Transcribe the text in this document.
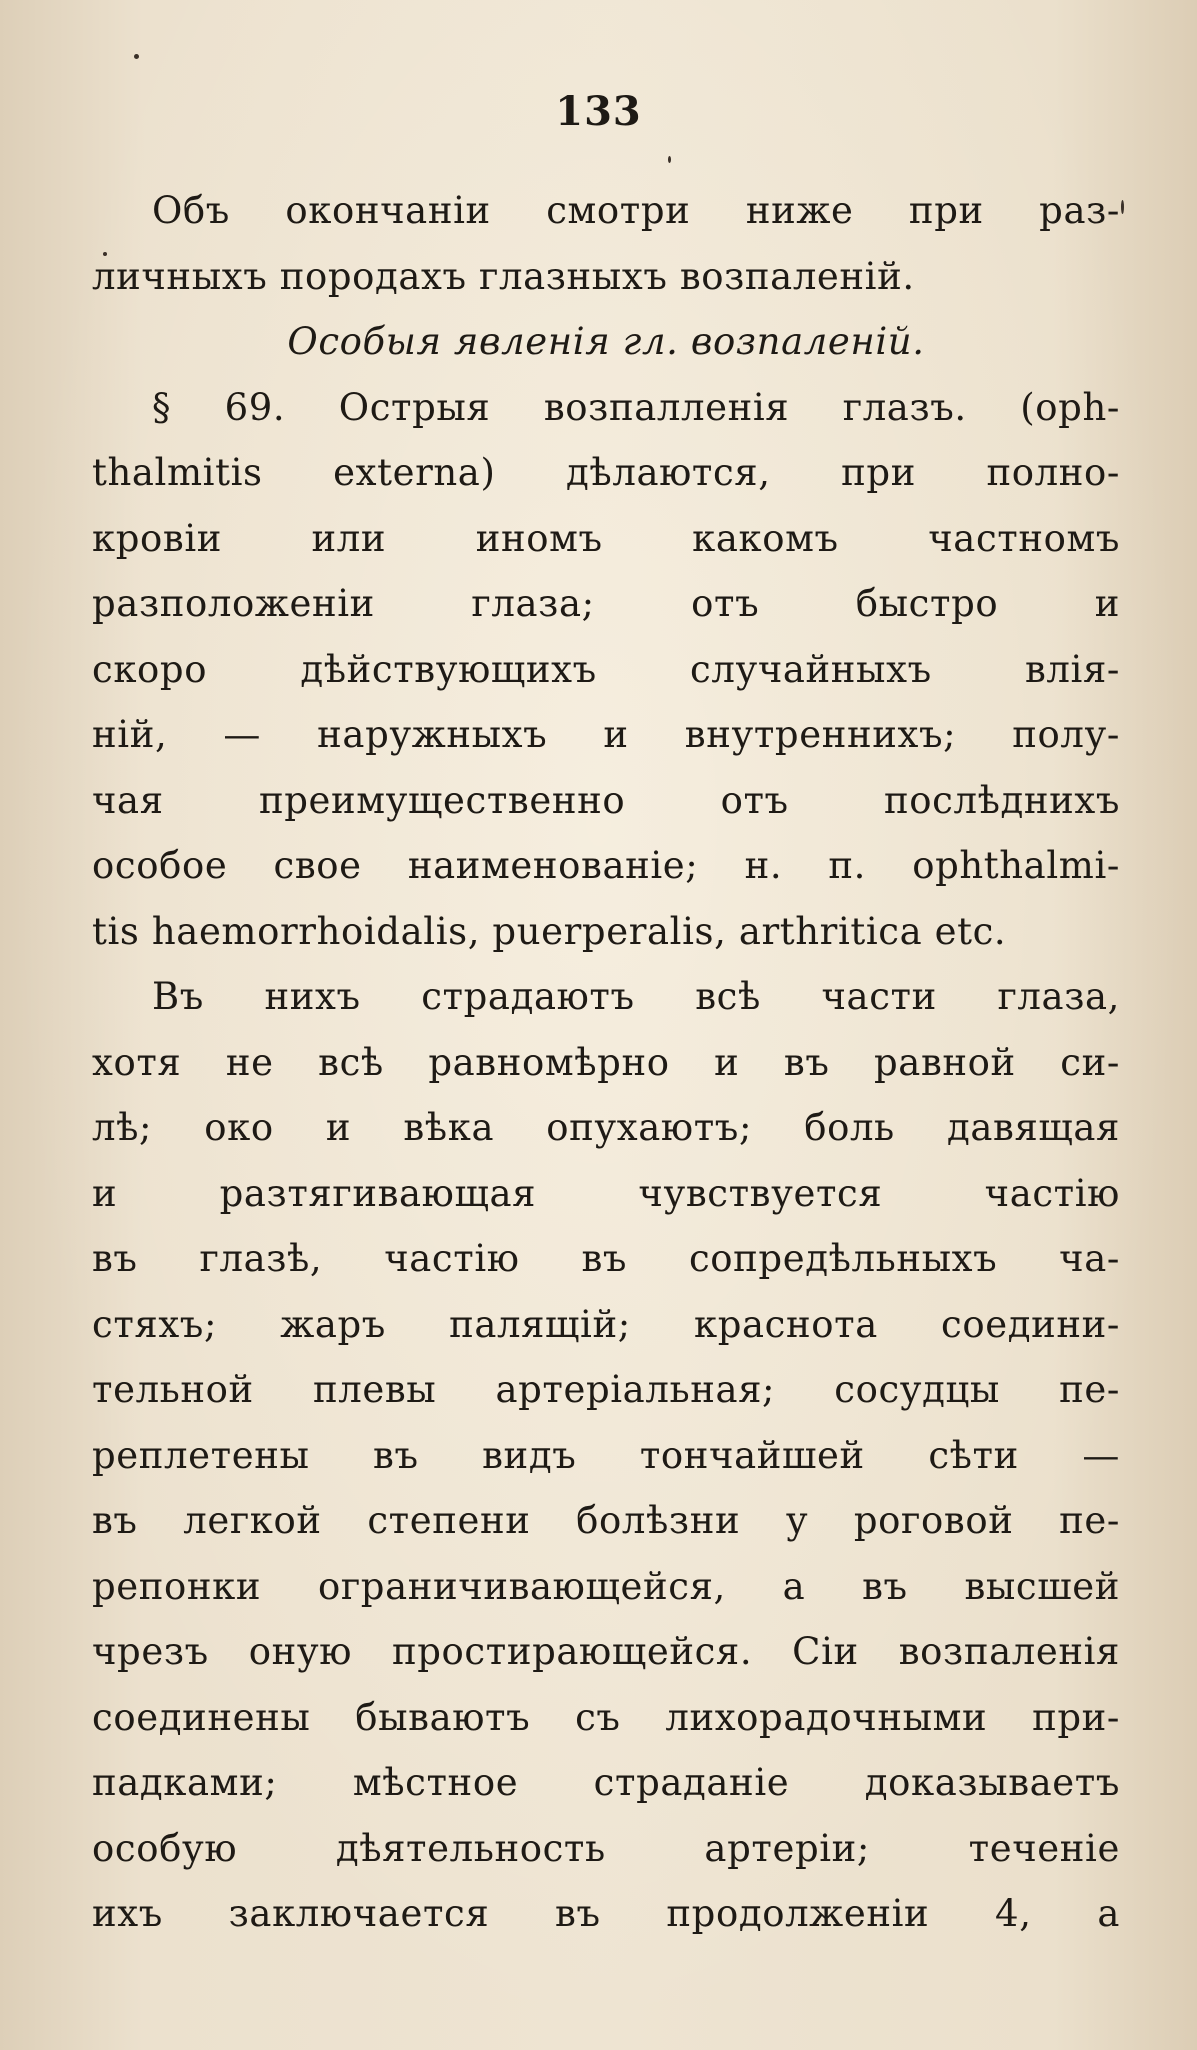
133
Объ окончанiи смотри ниже при раз-
личныхъ породахъ глазныхъ возпаленiй.
Особыя явленiя гл. возпаленiй.
§ 69. Острыя возпалленiя глазъ. (oph-
thalmitis externa) дѣлаются, при полно-
кровiи или иномъ какомъ частномъ
разположенiи глаза; отъ быстро и
скоро дѣйствующихъ случайныхъ влiя-
нiй, — наружныхъ и внутреннихъ; полу-
чая преимущественно отъ послѣднихъ
особое свое наименованiе; н. п. ophthalmi-
tis haemorrhoidalis, puerperalis, arthritica etc.
Въ нихъ страдаютъ всѣ части глаза,
хотя не всѣ равномѣрно и въ равной си-
лѣ; око и вѣка опухаютъ; боль давящая
и разтягивающая чувствуется частiю
въ глазѣ, частiю въ сопредѣльныхъ ча-
стяхъ; жаръ палящiй; краснота соедини-
тельной плевы артерiальная; сосудцы пе-
реплетены въ видъ тончайшей сѣти —
въ легкой степени болѣзни у роговой пе-
репонки ограничивающейся, а въ высшей
чрезъ оную простирающейся. Сiи возпаленiя
соединены бываютъ съ лихорадочными при-
падками; мѣстное страданiе доказываетъ
особую дѣятельность артерiи; теченiе
ихъ заключается въ продолженiи 4, а
